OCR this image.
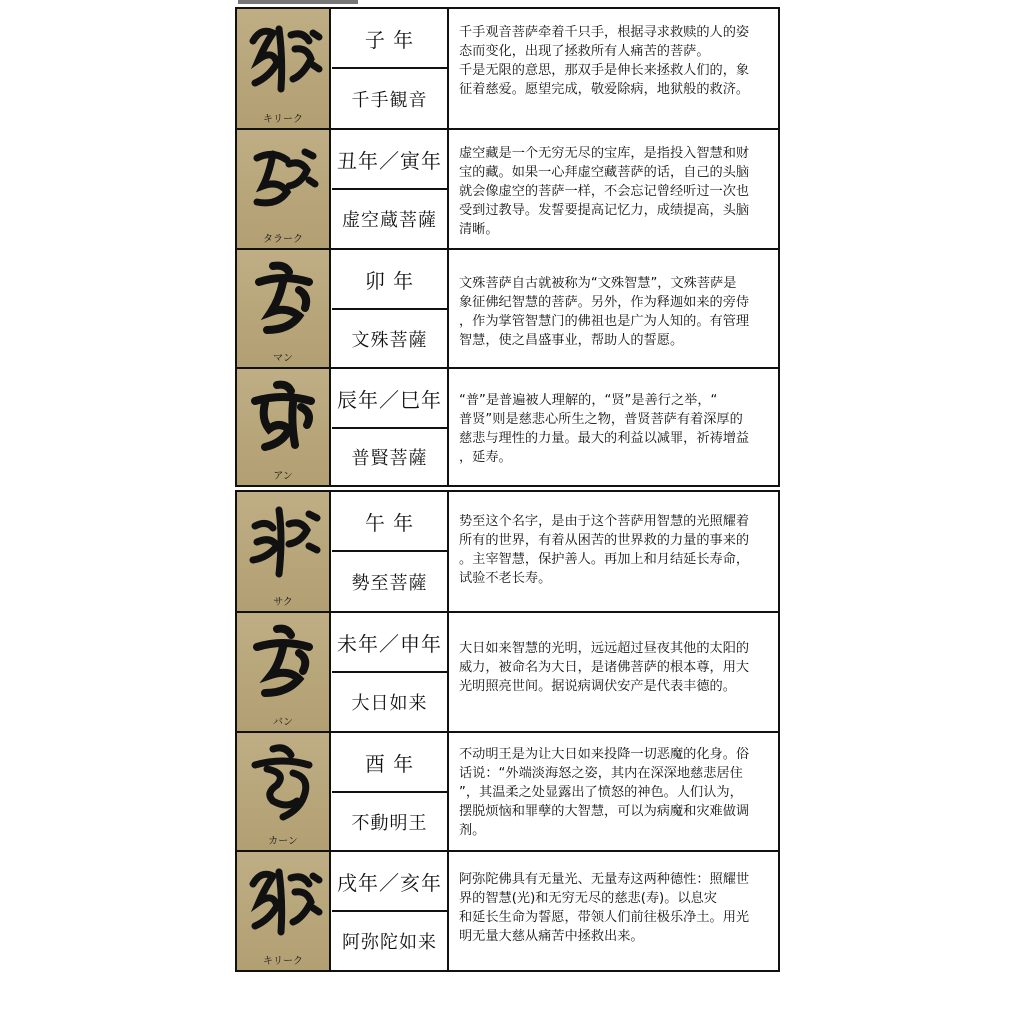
キリーク
子 年
千手観音
千手观音菩萨牵着千只手，根据寻求救赎的人的姿
态而变化，出现了拯救所有人痛苦的菩萨。
千是无限的意思，那双手是伸长来拯救人们的，象
征着慈爱。愿望完成，敬爱除病，地狱般的救济。
タラーク
丑年／寅年
虚空蔵菩薩
虚空藏是一个无穷无尽的宝库，是指投入智慧和财
宝的藏。如果一心拜虚空藏菩萨的话，自己的头脑
就会像虚空的菩萨一样，不会忘记曾经听过一次也
受到过教导。发誓要提高记忆力，成绩提高，头脑
清晰。
マン
卯 年
文殊菩薩
文殊菩萨自古就被称为“文殊智慧”，文殊菩萨是
象征佛纪智慧的菩萨。另外，作为释迦如来的旁侍
，作为掌管智慧门的佛祖也是广为人知的。有管理
智慧，使之昌盛事业，帮助人的誓愿。
アン
辰年／巳年
普賢菩薩
“普”是普遍被人理解的，“贤”是善行之举，“
普贤”则是慈悲心所生之物，普贤菩萨有着深厚的
慈悲与理性的力量。最大的利益以减罪，祈祷增益
，延寿。
サク
午 年
勢至菩薩
势至这个名字，是由于这个菩萨用智慧的光照耀着
所有的世界，有着从困苦的世界救的力量的事来的
。主宰智慧，保护善人。再加上和月结延长寿命，
试验不老长寿。
バン
未年／申年
大日如来
大日如来智慧的光明，远远超过昼夜其他的太阳的
威力，被命名为大日，是诸佛菩萨的根本尊，用大
光明照亮世间。据说病调伏安产是代表丰德的。
カーン
酉 年
不動明王
不动明王是为让大日如来投降一切恶魔的化身。俗
话说：“外端淡海怒之姿，其内在深深地慈悲居住
”，其温柔之处显露出了愤怒的神色。人们认为，
摆脱烦恼和罪孽的大智慧，可以为病魔和灾难做调
剂。
キリーク
戌年／亥年
阿弥陀如来
阿弥陀佛具有无量光、无量寿这两种德性：照耀世
界的智慧(光)和无穷无尽的慈悲(寿)。以息灾
和延长生命为誓愿，带领人们前往极乐净土。用光
明无量大慈从痛苦中拯救出来。
